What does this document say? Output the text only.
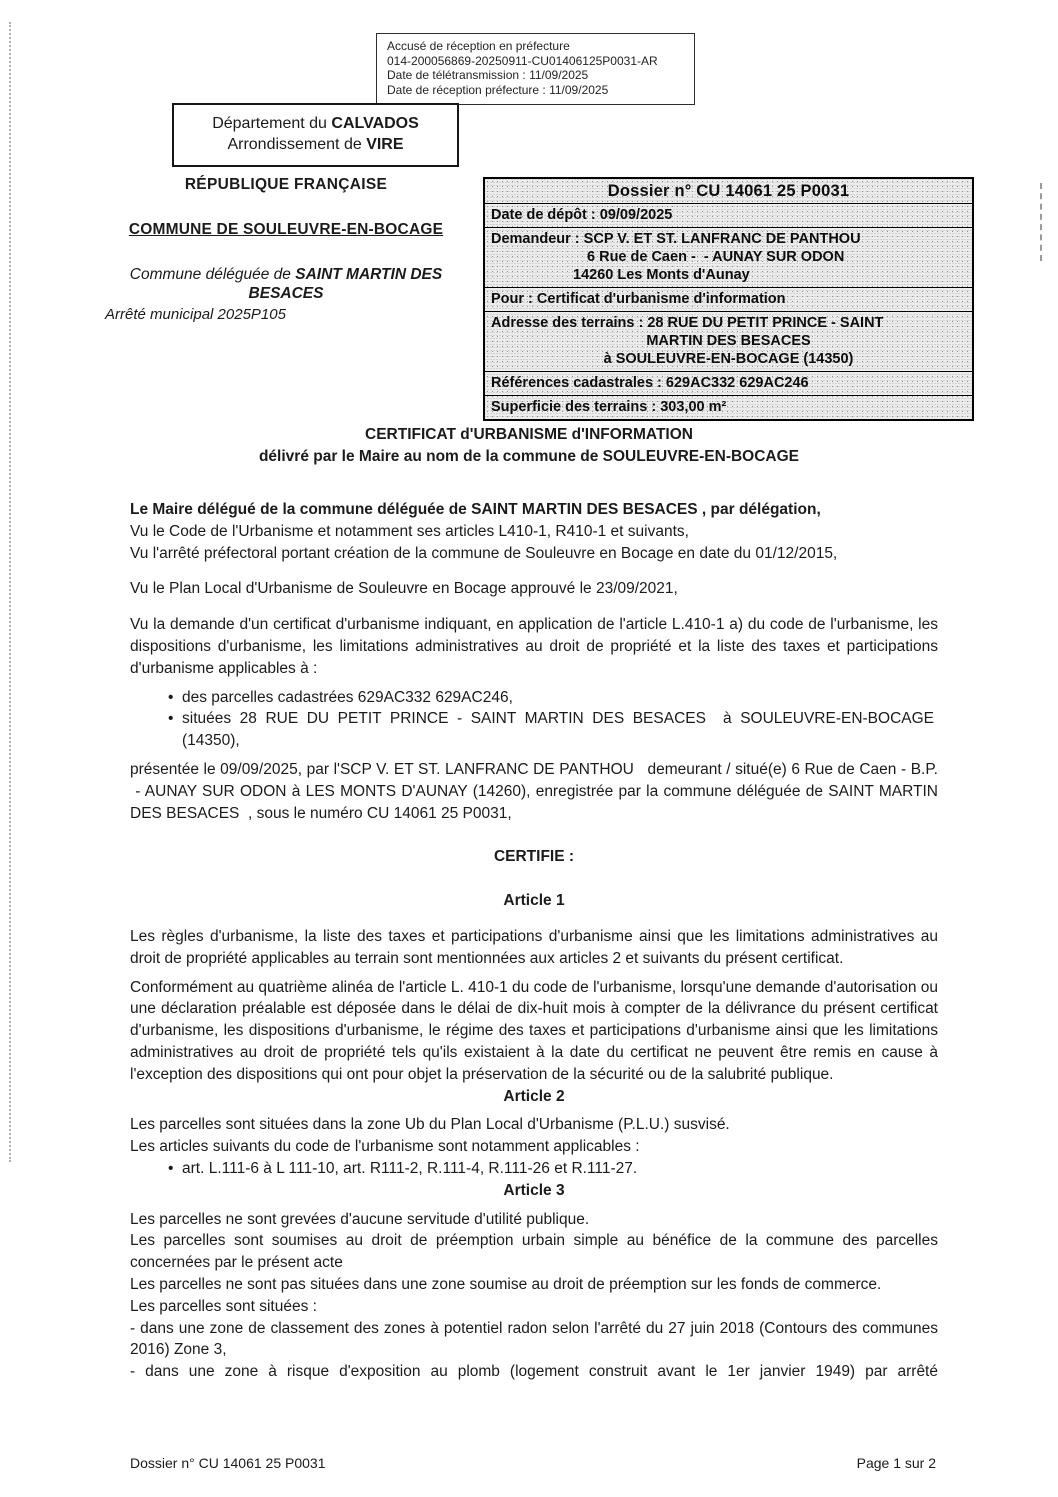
Accusé de réception en préfecture
014-200056869-20250911-CU01406125P0031-AR
Date de télétransmission : 11/09/2025
Date de réception préfecture : 11/09/2025
Département du CALVADOS
Arrondissement de VIRE
RÉPUBLIQUE FRANÇAISE
COMMUNE DE SOULEUVRE-EN-BOCAGE
Commune déléguée de SAINT MARTIN DES
BESACES
Arrêté municipal 2025P105
Dossier n° CU 14061 25 P0031
Date de dépôt : 09/09/2025
Demandeur : SCP V. ET ST. LANFRANC DE PANTHOU
6 Rue de Caen -  - AUNAY SUR ODON
14260 Les Monts d'Aunay
Pour : Certificat d'urbanisme d'information
Adresse des terrains : 28 RUE DU PETIT PRINCE - SAINT
MARTIN DES BESACES
à SOULEUVRE-EN-BOCAGE (14350)
Références cadastrales : 629AC332 629AC246
Superficie des terrains : 303,00 m²
CERTIFICAT d'URBANISME d'INFORMATION
délivré par le Maire au nom de la commune de SOULEUVRE-EN-BOCAGE

Le Maire délégué de la commune déléguée de SAINT MARTIN DES BESACES , par délégation,

Vu le Code de l'Urbanisme et notamment ses articles L410-1, R410-1 et suivants,

Vu l'arrêté préfectoral portant création de la commune de Souleuvre en Bocage en date du 01/12/2015,

Vu le Plan Local d'Urbanisme de Souleuvre en Bocage approuvé le 23/09/2021,

Vu la demande d'un certificat d'urbanisme indiquant, en application de l'article L.410-1 a) du code de l'urbanisme, les dispositions d'urbanisme, les limitations administratives au droit de propriété et la liste des taxes et participations d'urbanisme applicables à :

• des parcelles cadastrées 629AC332 629AC246,
• situées 28 RUE DU PETIT PRINCE - SAINT MARTIN DES BESACES  à SOULEUVRE-EN-BOCAGE (14350),

présentée le 09/09/2025, par l'SCP V. ET ST. LANFRANC DE PANTHOU   demeurant / situé(e) 6 Rue de Caen - B.P.  - AUNAY SUR ODON à LES MONTS D'AUNAY (14260), enregistrée par la commune déléguée de SAINT MARTIN DES BESACES  , sous le numéro CU 14061 25 P0031,

CERTIFIE :

Article 1

Les règles d'urbanisme, la liste des taxes et participations d'urbanisme ainsi que les limitations administratives au droit de propriété applicables au terrain sont mentionnées aux articles 2 et suivants du présent certificat.

Conformément au quatrième alinéa de l'article L. 410-1 du code de l'urbanisme, lorsqu'une demande d'autorisation ou une déclaration préalable est déposée dans le délai de dix-huit mois à compter de la délivrance du présent certificat d'urbanisme, les dispositions d'urbanisme, le régime des taxes et participations d'urbanisme ainsi que les limitations administratives au droit de propriété tels qu'ils existaient à la date du certificat ne peuvent être remis en cause à l'exception des dispositions qui ont pour objet la préservation de la sécurité ou de la salubrité publique.

Article 2

Les parcelles sont situées dans la zone Ub du Plan Local d'Urbanisme (P.L.U.) susvisé.

Les articles suivants du code de l'urbanisme sont notamment applicables :

• art. L.111-6 à L 111-10, art. R111-2, R.111-4, R.111-26 et R.111-27.

Article 3

Les parcelles ne sont grevées d'aucune servitude d'utilité publique.

Les parcelles sont soumises au droit de préemption urbain simple au bénéfice de la commune des parcelles concernées par le présent acte

Les parcelles ne sont pas situées dans une zone soumise au droit de préemption sur les fonds de commerce.

Les parcelles sont situées :

- dans une zone de classement des zones à potentiel radon selon l'arrêté du 27 juin 2018 (Contours des communes 2016) Zone 3,

- dans une zone à risque d'exposition au plomb (logement construit avant le 1er janvier 1949) par arrêté

Dossier n° CU 14061 25 P0031	Page 1 sur 2
